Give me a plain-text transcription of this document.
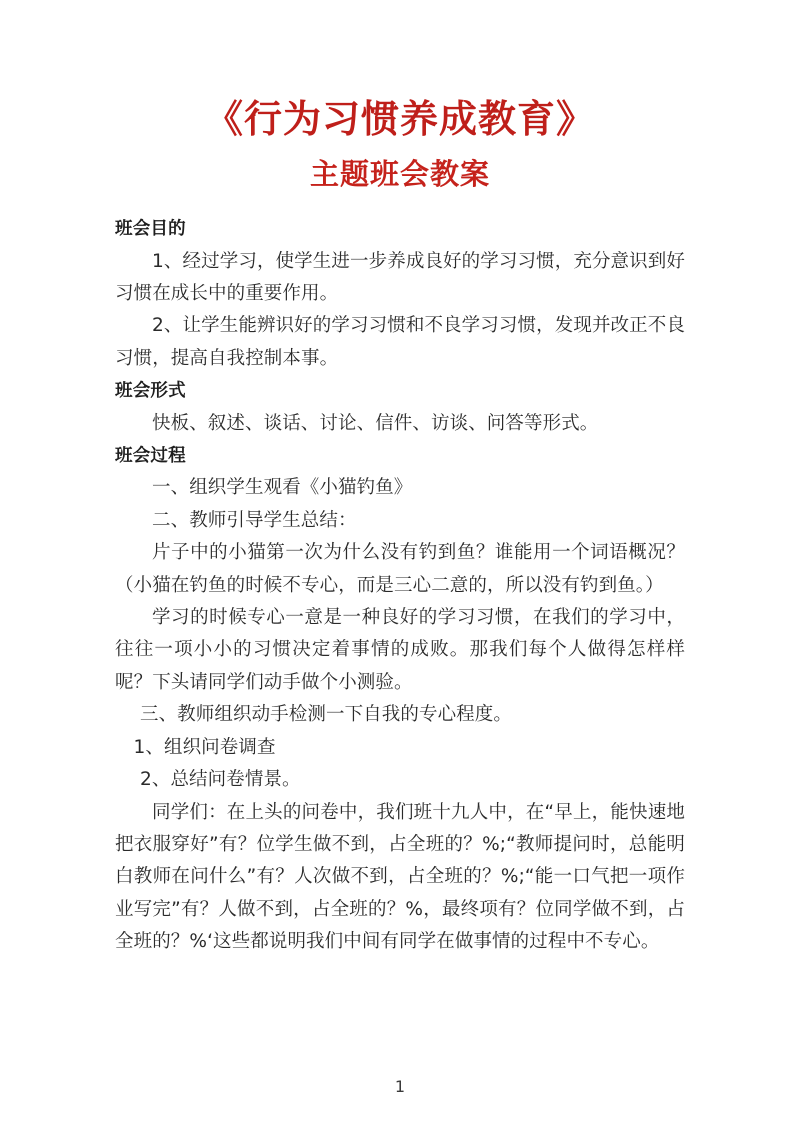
《行为习惯养成教育》
主题班会教案

班会目的

1、经过学习，使学生进一步养成良好的学习习惯，充分意识到好习惯在成长中的重要作用。

2、让学生能辨识好的学习习惯和不良学习习惯，发现并改正不良习惯，提高自我控制本事。

班会形式

快板、叙述、谈话、讨论、信件、访谈、问答等形式。

班会过程

一、组织学生观看《小猫钓鱼》

二、教师引导学生总结：

片子中的小猫第一次为什么没有钓到鱼？谁能用一个词语概况？（小猫在钓鱼的时候不专心，而是三心二意的，所以没有钓到鱼。）

学习的时候专心一意是一种良好的学习习惯，在我们的学习中，往往一项小小的习惯决定着事情的成败。那我们每个人做得怎样样呢？下头请同学们动手做个小测验。

三、教师组织动手检测一下自我的专心程度。

1、组织问卷调查

2、总结问卷情景。

同学们：在上头的问卷中，我们班十九人中，在“早上，能快速地把衣服穿好”有？位学生做不到，占全班的？%;“教师提问时，总能明白教师在问什么”有？人次做不到，占全班的？%;“能一口气把一项作业写完”有？人做不到，占全班的？%，最终项有？位同学做不到，占全班的？%‘这些都说明我们中间有同学在做事情的过程中不专心。

1
